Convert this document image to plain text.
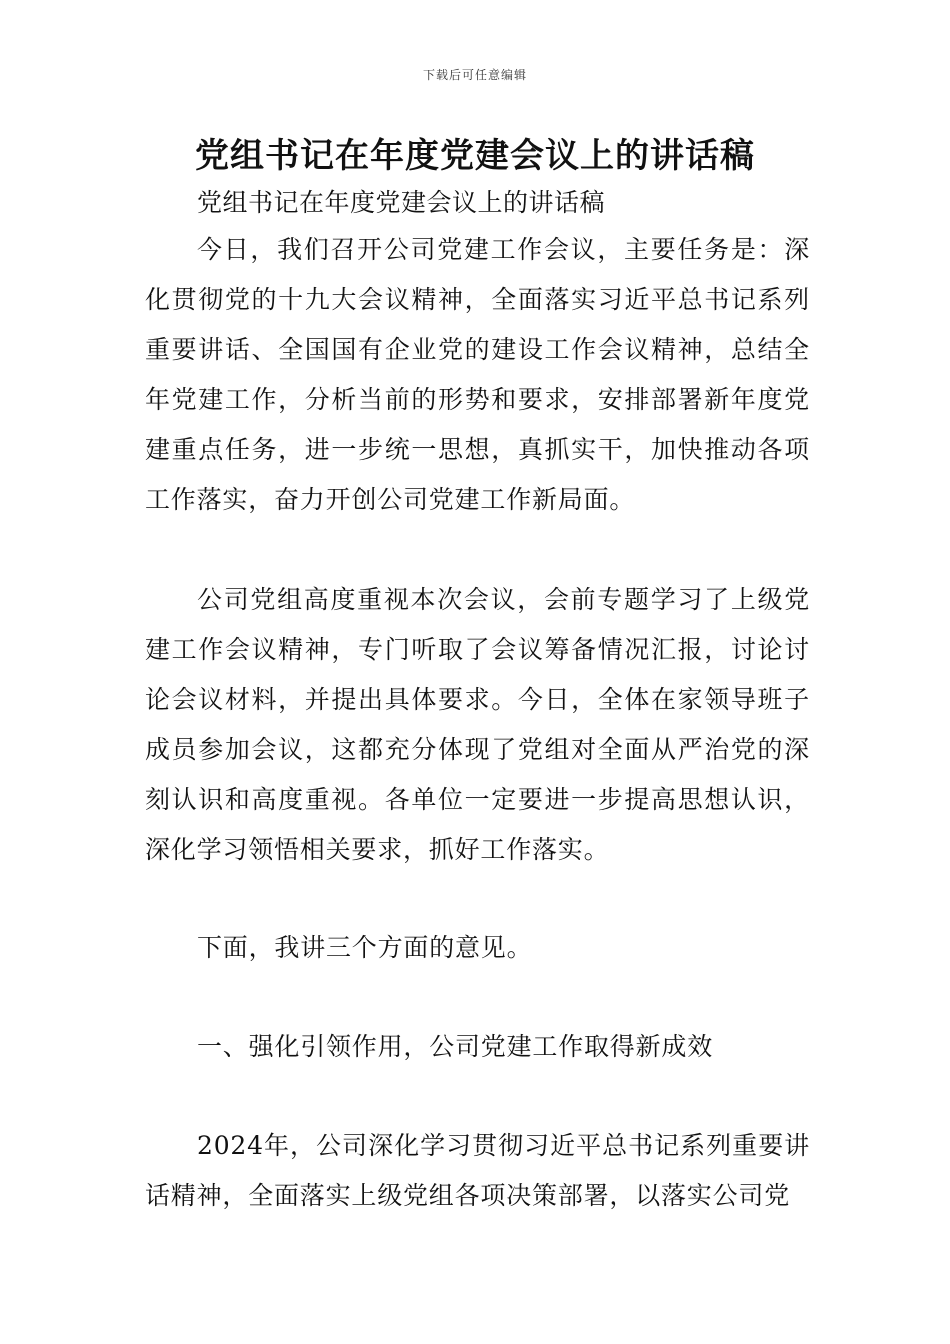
下载后可任意编辑
党组书记在年度党建会议上的讲话稿
党组书记在年度党建会议上的讲话稿

今日，我们召开公司党建工作会议，主要任务是：深化贯彻党的十九大会议精神，全面落实习近平总书记系列重要讲话、全国国有企业党的建设工作会议精神，总结全年党建工作，分析当前的形势和要求，安排部署新年度党建重点任务，进一步统一思想，真抓实干，加快推动各项工作落实，奋力开创公司党建工作新局面。

公司党组高度重视本次会议，会前专题学习了上级党建工作会议精神，专门听取了会议筹备情况汇报，讨论讨论会议材料，并提出具体要求。今日，全体在家领导班子成员参加会议，这都充分体现了党组对全面从严治党的深刻认识和高度重视。各单位一定要进一步提高思想认识，深化学习领悟相关要求，抓好工作落实。

下面，我讲三个方面的意见。

一、强化引领作用，公司党建工作取得新成效

2024年，公司深化学习贯彻习近平总书记系列重要讲话精神，全面落实上级党组各项决策部署，以落实公司党
